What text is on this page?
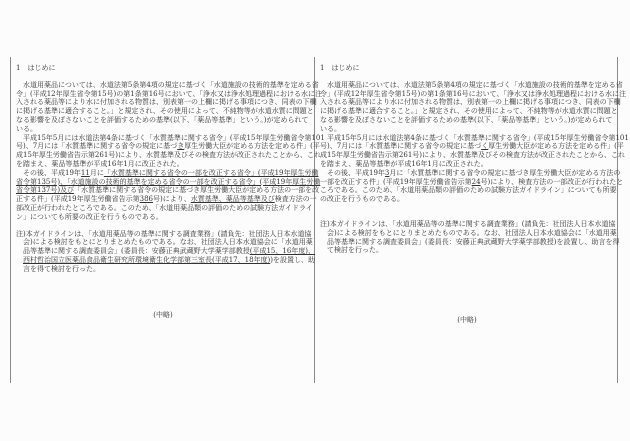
1　はじめに
　水道用薬品については、水道法第5条第4項の規定に基づく「水道施設の技術的基準を定める省
令」(平成12年厚生省令第15号)の第1条第16号において、「浄水又は浄水処理過程における水に注
入される薬品等により水に付加される物質は、別表第一の上欄に掲げる事項につき、同表の下欄
に掲げる基準に適合すること。」と規定され、その使用によって、不純物等が水道水質に問題と
なる影響を及ぼさないことを評価するための基準(以下、「薬品等基準」という。)が定められて
いる。
　平成15年5月には水道法第4条に基づく「水質基準に関する省令」(平成15年厚生労働省令第101
号)、7月には「水質基準に関する省令の規定に基づき厚生労働大臣が定める方法を定める件」(平
成15年厚生労働省告示第261号)により、水質基準及びその検査方法が改正されたことから、これ
を踏まえ、薬品等基準が平成16年1月に改正された。
　その後、平成19年11月に「水質基準に関する省令の一部を改正する省令」(平成19年厚生労働
省令第135号)、「水道施設の技術的基準を定める省令の一部を改正する省令」(平成19年厚生労働
省令第137号)及び「水質基準に関する省令の規定に基づき厚生労働大臣が定める方法の一部を改
正する件」(平成19年厚生労働省告示第386号)により、水質基準、薬品等基準及び検査方法の一
部改正が行われたところである。このため、「水道用薬品類の評価のための試験方法ガイドライ
ン」についても所要の改正を行うものである。
注)本ガイドラインは、「水道用薬品等の基準に関する調査業務」(請負先：社団法人日本水道協
　会)による検討をもとにとりまとめたものである。なお、社団法人日本水道協会に「水道用薬
　品等基準に関する調査委員会」(委員長：安藤正典武蔵野大学薬学部教授(平成15、16年度)、
　西村哲治国立医薬品食品衛生研究所環境衛生化学部第三室長(平成17、18年度))を設置し、助
　言を得て検討を行った。
(中略)
1　はじめに
　水道用薬品については、水道法第5条第4項の規定に基づく「水道施設の技術的基準を定める省
令」(平成12年厚生省令第15号)の第1条第16号において、「浄水又は浄水処理過程における水に注
入される薬品等により水に付加される物質は、別表第一の上欄に掲げる事項につき、同表の下欄
に掲げる基準に適合すること。」と規定され、その使用によって、不純物等が水道水質に問題と
なる影響を及ぼさないことを評価するための基準(以下、「薬品等基準」という。)が定められて
いる。
　平成15年5月には水道法第4条に基づく「水質基準に関する省令」(平成15年厚生労働省令第101
号)、7月には「水質基準に関する省令の規定に基づく厚生労働大臣が定める方法を定める件」(平
成15年厚生労働省告示第261号)により、水質基準及びその検査方法が改正されたことから、これ
を踏まえ、薬品等基準が平成16年1月に改正された。
　その後、平成19年3月に「水質基準に関する省令の規定に基づき厚生労働大臣が定める方法の
一部を改正する件」(平成19年厚生労働省告示第24号)により、検査方法の一部改正が行われたと
ころである。このため、「水道用薬品類の評価のための試験方法ガイドライン」についても所要
の改正を行うものである。
注)本ガイドラインは、「水道用薬品等の基準に関する調査業務」(請負先：社団法人日本水道協
　会)による検討をもとにとりまとめたものである。なお、社団法人日本水道協会に「水道用薬
　品等基準に関する調査委員会」(委員長：安藤正典武蔵野大学薬学部教授)を設置し、助言を得
　て検討を行った。
(中略)
